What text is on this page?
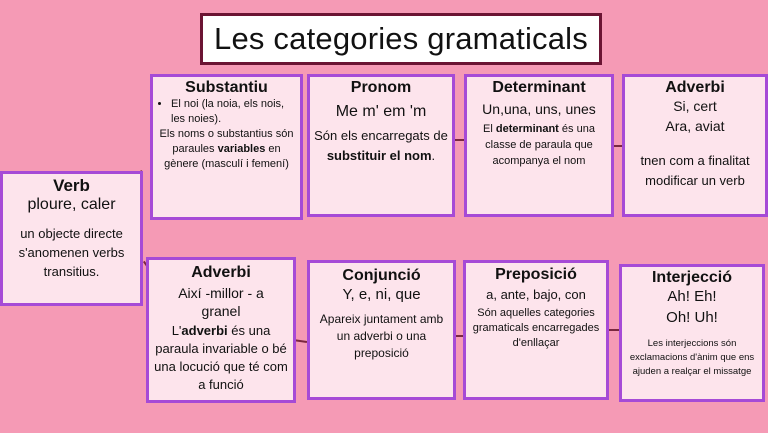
Les categories gramaticals
Verb
ploure, caler
un objecte directe s'anomenen verbs transitius.
Substantiu
• El noi (la noia, els nois, les noies).
Els noms o substantius són paraules variables en gènere (masculí i femení)
Pronom
Me m' em 'm
Són els encarregats de substituir el nom.
Determinant
Un,una, uns, unes
El determinant és una classe de paraula que acompanya el nom
Adverbi
Si, cert
Ara, aviat
tnen com a finalitat modificar un verb
Adverbi
Així -millor - a granel
L'adverbi és una paraula invariable o bé una locució que té com a funció
Conjunció
Y, e, ni, que
Apareix juntament amb un adverbi o una preposició
Preposició
a, ante, bajo, con
Són aquelles categories gramaticals encarregades d'enllaçar
Interjecció
Ah! Eh!
Oh! Uh!
Les interjeccions són exclamacions d'ànim que ens ajuden a realçar el missatge
